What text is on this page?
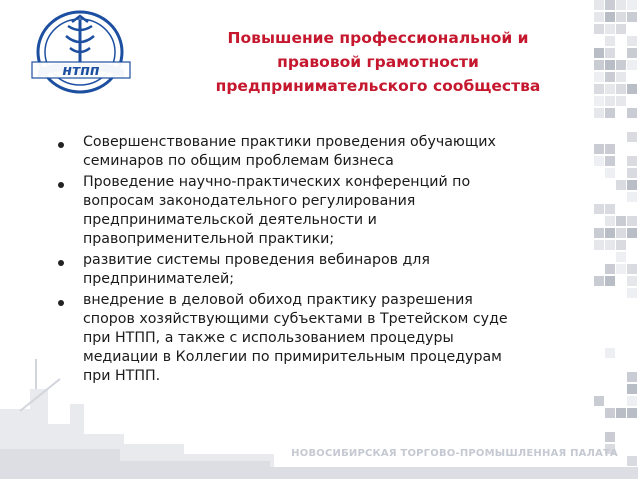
нтпп
Повышение профессиональной и
правовой грамотности
предпринимательского сообщества
Совершенствование практики проведения обучающих
семинаров по общим проблемам бизнеса
Проведение научно-практических конференций по
вопросам законодательного регулирования
предпринимательской деятельности и
правоприменительной практики;
развитие системы проведения вебинаров для
предпринимателей;
внедрение в деловой обиход практику разрешения
споров хозяйствующими субъектами в Третейском суде
при НТПП, а также с использованием процедуры
медиации в Коллегии по примирительным процедурам
при НТПП.
НОВОСИБИРСКАЯ ТОРГОВО-ПРОМЫШЛЕННАЯ ПАЛАТА
